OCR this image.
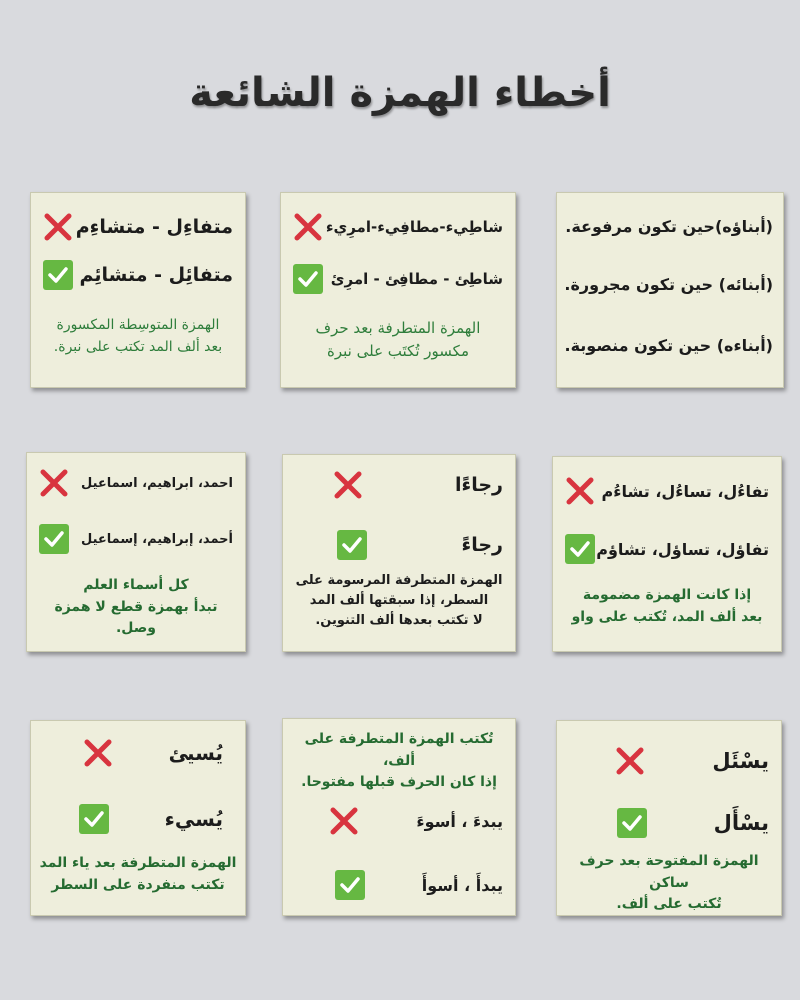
أخطاء الهمزة الشائعة
(أبناؤه)حين تكون مرفوعة.
(أبنائه) حين تكون مجرورة.
(أبناءه) حين تكون منصوبة.
شاطِيء-مطافِيء-امرِيء
شاطِئ - مطافِئ - امرِئ
الهمزة المتطرفة بعد حرف
مكسور تُكتَب على نبرة
متفاءِل - متشاءِم
متفائِل - متشائِم
الهمزة المتوسِطة المكسورة
بعد ألف المد تكتب على نبرة.
تفاءُل، تساءُل، تشاءُم
تفاؤل، تساؤل، تشاؤم
إذا كانت الهمزة مضمومة
بعد ألف المد، تُكتب على واو
رجاءًا
رجاءً
الهمزة المتطرفة المرسومة على
السطر، إذا سبقتها ألف المد
لا تكتب بعدها ألف التنوين.
احمد، ابراهيم، اسماعيل
أحمد، إبراهيم، إسماعيل
كل أسماء العلم
تبدأ بهمزة قطع لا همزة وصل.
يسْئَل
يسْأَل
الهمزة المفتوحة بعد حرف ساكن
تُكتب على ألف.
تُكتب الهمزة المتطرفة على ألف،
إذا كان الحرف قبلها مفتوحا.
يبدءَ ، أسوءَ
يبدأَ ، أسوأَ
يُسيئ
يُسيء
الهمزة المتطرفة بعد ياء المد
تكتب منفردة على السطر
